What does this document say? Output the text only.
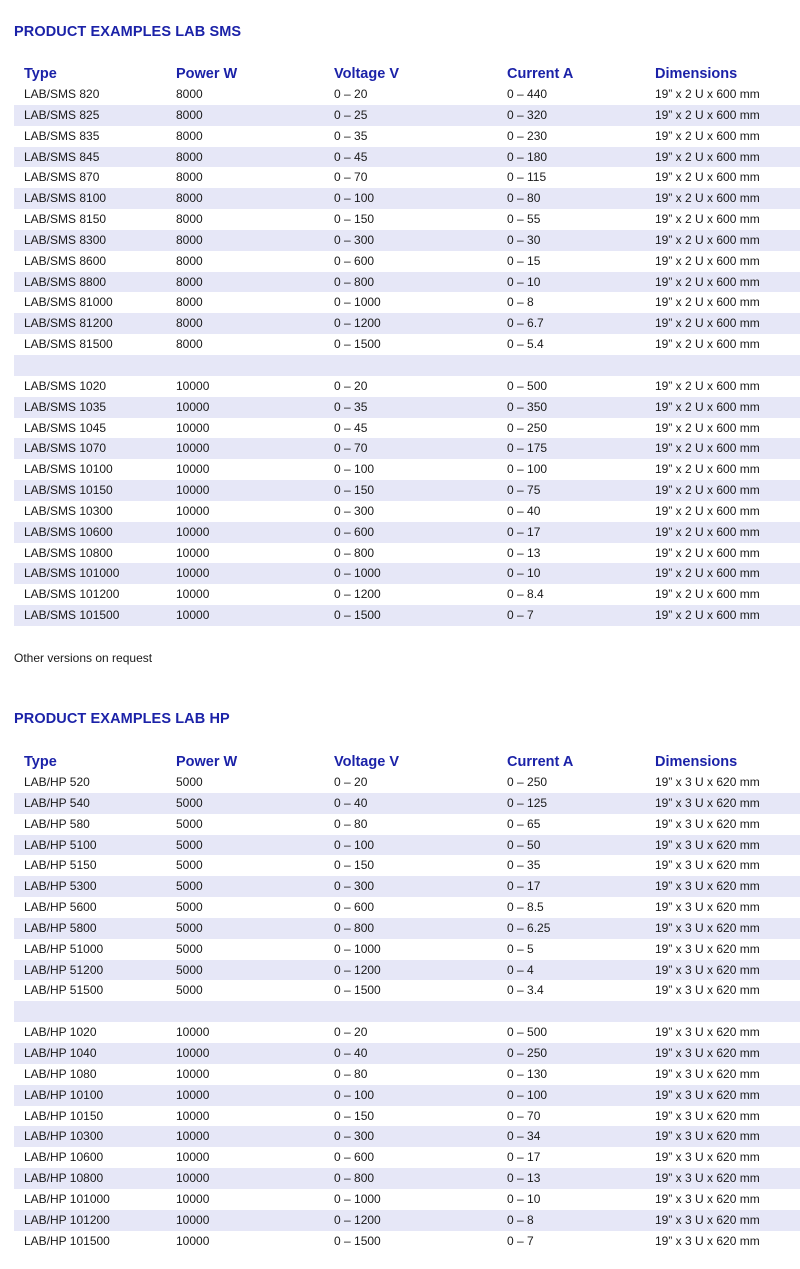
PRODUCT EXAMPLES LAB SMS
Type	Power W	Voltage V	Current A	Dimensions
LAB/SMS 820	8000	0 – 20	0 – 440	19” x 2 U x 600 mm
LAB/SMS 825	8000	0 – 25	0 – 320	19” x 2 U x 600 mm
LAB/SMS 835	8000	0 – 35	0 – 230	19” x 2 U x 600 mm
LAB/SMS 845	8000	0 – 45	0 – 180	19” x 2 U x 600 mm
LAB/SMS 870	8000	0 – 70	0 – 115	19” x 2 U x 600 mm
LAB/SMS 8100	8000	0 – 100	0 – 80	19” x 2 U x 600 mm
LAB/SMS 8150	8000	0 – 150	0 – 55	19” x 2 U x 600 mm
LAB/SMS 8300	8000	0 – 300	0 – 30	19” x 2 U x 600 mm
LAB/SMS 8600	8000	0 – 600	0 – 15	19” x 2 U x 600 mm
LAB/SMS 8800	8000	0 – 800	0 – 10	19” x 2 U x 600 mm
LAB/SMS 81000	8000	0 – 1000	0 – 8	19” x 2 U x 600 mm
LAB/SMS 81200	8000	0 – 1200	0 – 6.7	19” x 2 U x 600 mm
LAB/SMS 81500	8000	0 – 1500	0 – 5.4	19” x 2 U x 600 mm
LAB/SMS 1020	10000	0 – 20	0 – 500	19” x 2 U x 600 mm
LAB/SMS 1035	10000	0 – 35	0 – 350	19” x 2 U x 600 mm
LAB/SMS 1045	10000	0 – 45	0 – 250	19” x 2 U x 600 mm
LAB/SMS 1070	10000	0 – 70	0 – 175	19” x 2 U x 600 mm
LAB/SMS 10100	10000	0 – 100	0 – 100	19” x 2 U x 600 mm
LAB/SMS 10150	10000	0 – 150	0 – 75	19” x 2 U x 600 mm
LAB/SMS 10300	10000	0 – 300	0 – 40	19” x 2 U x 600 mm
LAB/SMS 10600	10000	0 – 600	0 – 17	19” x 2 U x 600 mm
LAB/SMS 10800	10000	0 – 800	0 – 13	19” x 2 U x 600 mm
LAB/SMS 101000	10000	0 – 1000	0 – 10	19” x 2 U x 600 mm
LAB/SMS 101200	10000	0 – 1200	0 – 8.4	19” x 2 U x 600 mm
LAB/SMS 101500	10000	0 – 1500	0 – 7	19” x 2 U x 600 mm

Other versions on request

PRODUCT EXAMPLES LAB HP
Type	Power W	Voltage V	Current A	Dimensions
LAB/HP 520	5000	0 – 20	0 – 250	19” x 3 U x 620 mm
LAB/HP 540	5000	0 – 40	0 – 125	19” x 3 U x 620 mm
LAB/HP 580	5000	0 – 80	0 – 65	19” x 3 U x 620 mm
LAB/HP 5100	5000	0 – 100	0 – 50	19” x 3 U x 620 mm
LAB/HP 5150	5000	0 – 150	0 – 35	19” x 3 U x 620 mm
LAB/HP 5300	5000	0 – 300	0 – 17	19” x 3 U x 620 mm
LAB/HP 5600	5000	0 – 600	0 – 8.5	19” x 3 U x 620 mm
LAB/HP 5800	5000	0 – 800	0 – 6.25	19” x 3 U x 620 mm
LAB/HP 51000	5000	0 – 1000	0 – 5	19” x 3 U x 620 mm
LAB/HP 51200	5000	0 – 1200	0 – 4	19” x 3 U x 620 mm
LAB/HP 51500	5000	0 – 1500	0 – 3.4	19” x 3 U x 620 mm
LAB/HP 1020	10000	0 – 20	0 – 500	19” x 3 U x 620 mm
LAB/HP 1040	10000	0 – 40	0 – 250	19” x 3 U x 620 mm
LAB/HP 1080	10000	0 – 80	0 – 130	19” x 3 U x 620 mm
LAB/HP 10100	10000	0 – 100	0 – 100	19” x 3 U x 620 mm
LAB/HP 10150	10000	0 – 150	0 – 70	19” x 3 U x 620 mm
LAB/HP 10300	10000	0 – 300	0 – 34	19” x 3 U x 620 mm
LAB/HP 10600	10000	0 – 600	0 – 17	19” x 3 U x 620 mm
LAB/HP 10800	10000	0 – 800	0 – 13	19” x 3 U x 620 mm
LAB/HP 101000	10000	0 – 1000	0 – 10	19” x 3 U x 620 mm
LAB/HP 101200	10000	0 – 1200	0 – 8	19” x 3 U x 620 mm
LAB/HP 101500	10000	0 – 1500	0 – 7	19” x 3 U x 620 mm
